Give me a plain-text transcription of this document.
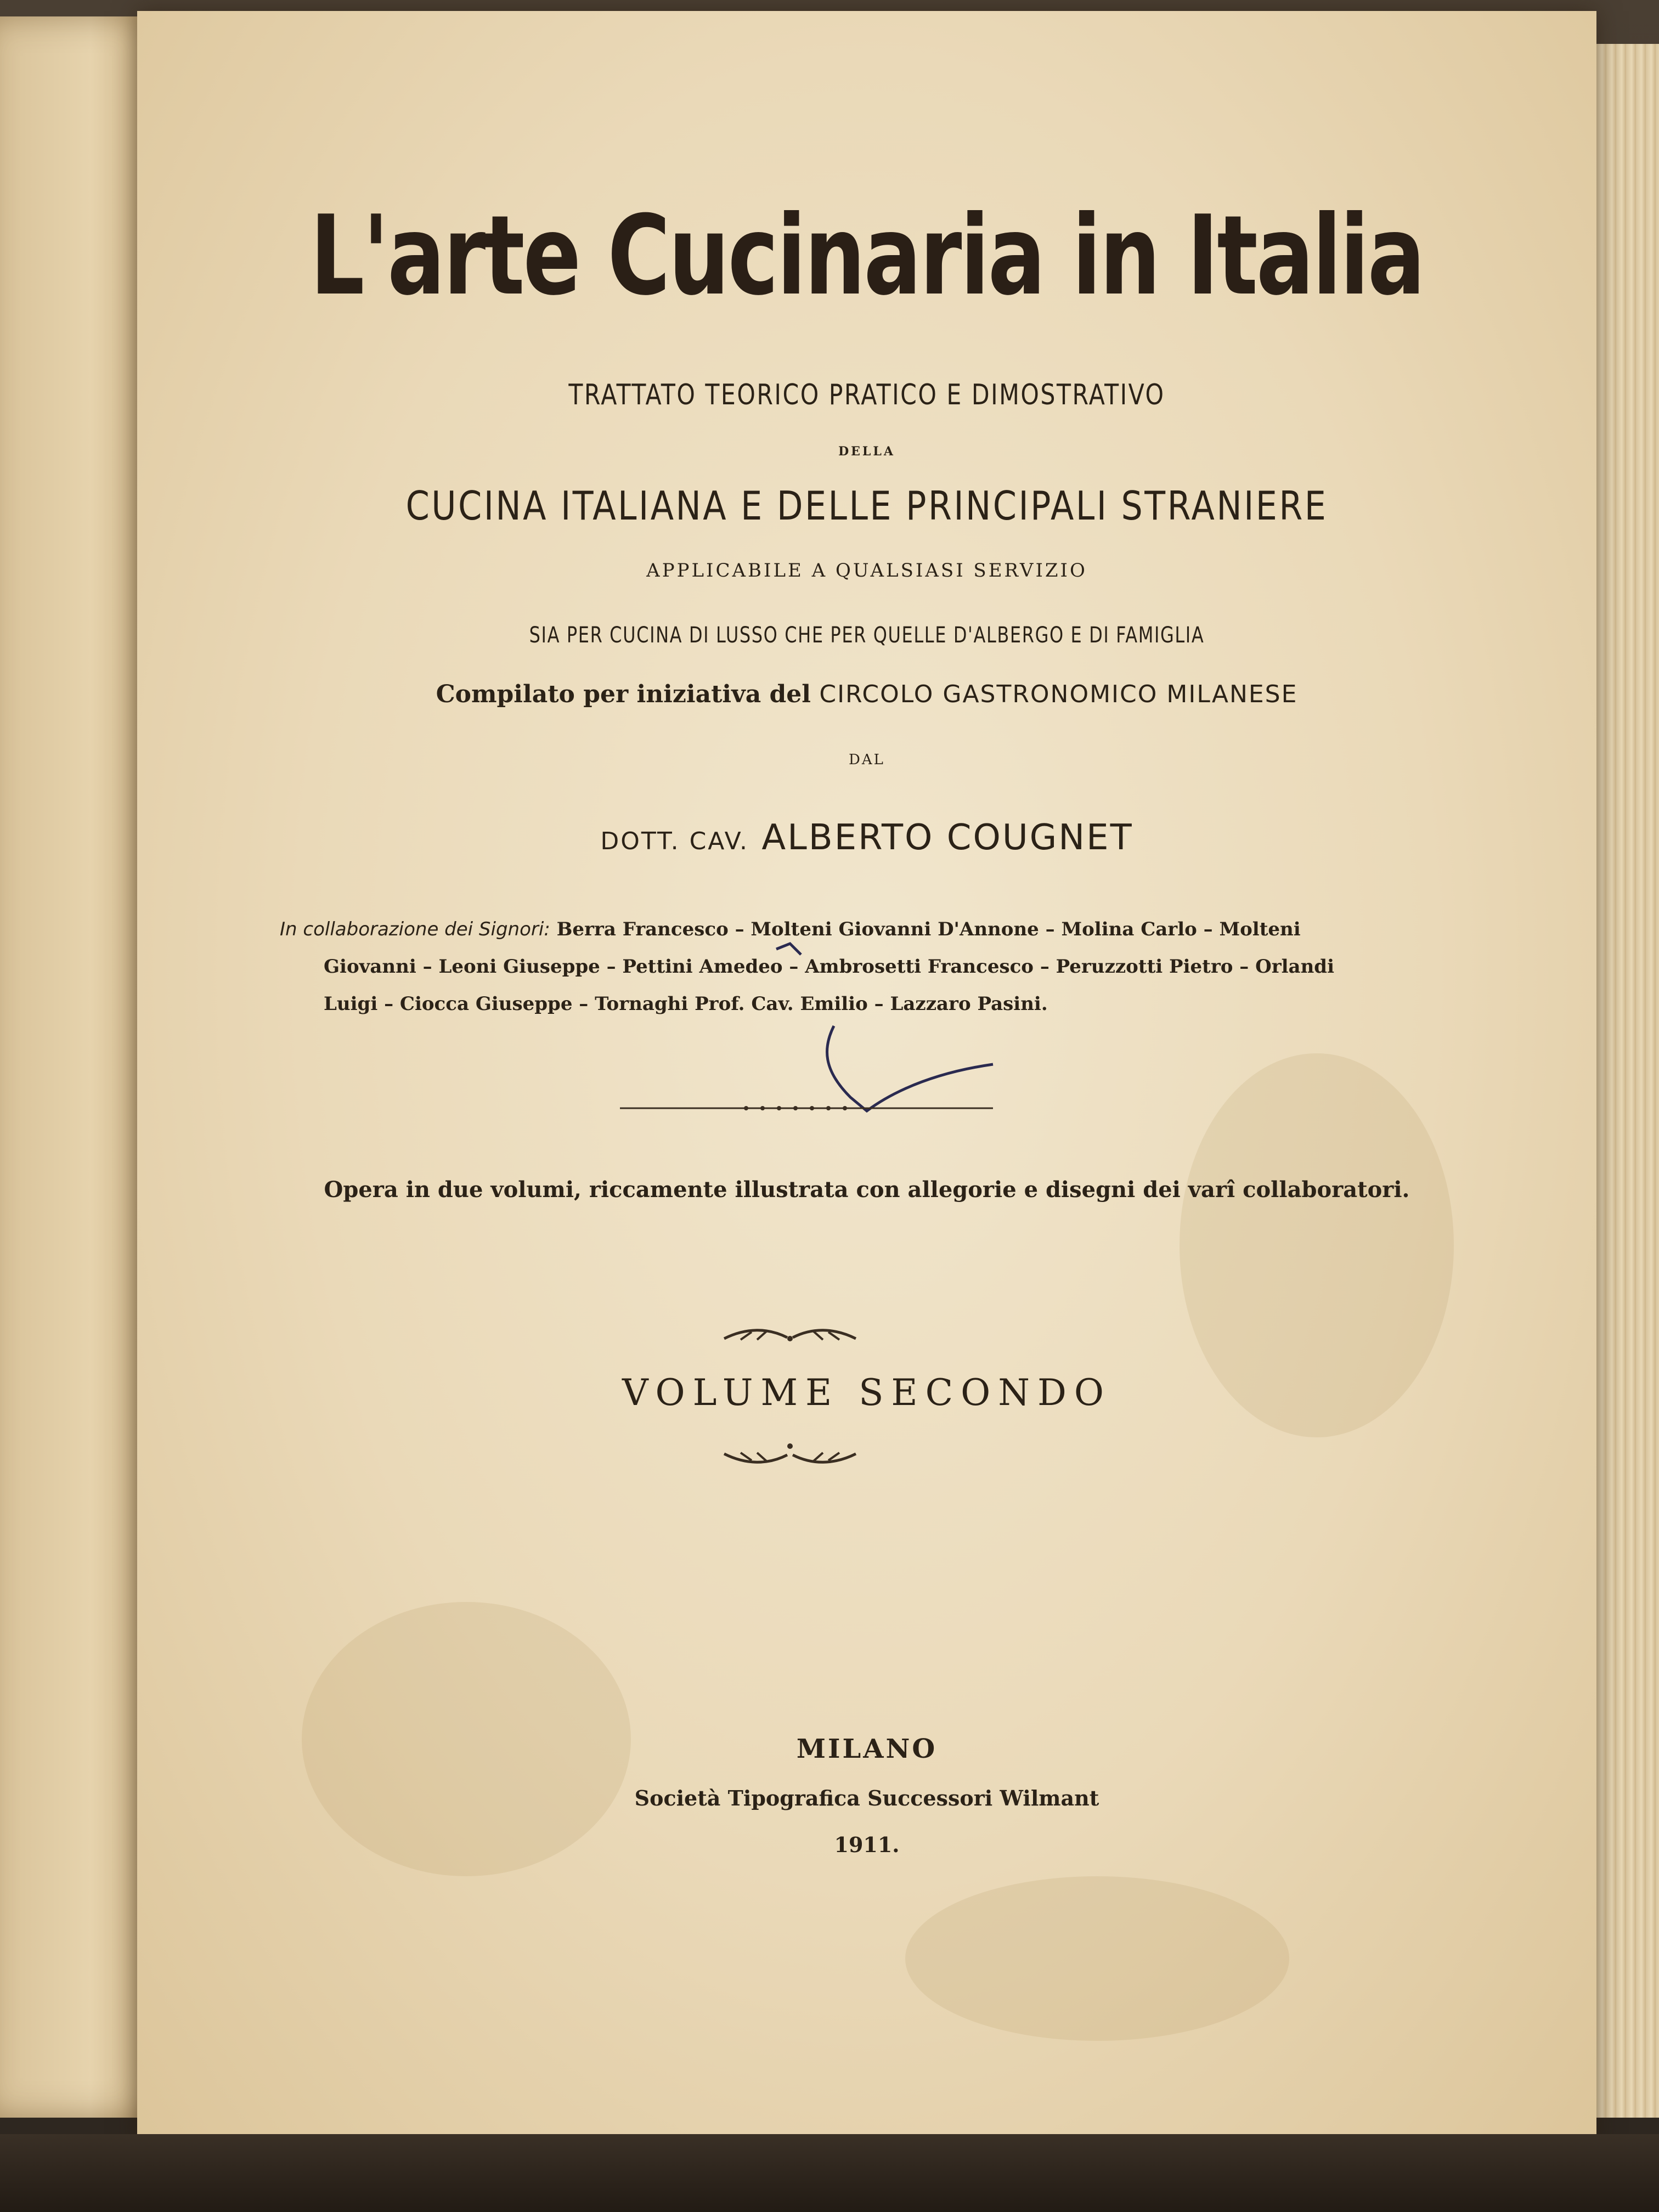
L'arte Cucinaria in Italia
TRATTATO TEORICO PRATICO E DIMOSTRATIVO
DELLA
CUCINA ITALIANA E DELLE PRINCIPALI STRANIERE
APPLICABILE A QUALSIASI SERVIZIO
SIA PER CUCINA DI LUSSO CHE PER QUELLE D'ALBERGO E DI FAMIGLIA
Compilato per iniziativa del CIRCOLO GASTRONOMICO MILANESE
DAL
DOTT. CAV. ALBERTO COUGNET
In collaborazione dei Signori: Berra Francesco – Molteni Giovanni D'Annone – Molina Carlo – Molteni
Giovanni – Leoni Giuseppe – Pettini Amedeo – Ambrosetti Francesco – Peruzzotti Pietro – Orlandi
Luigi – Ciocca Giuseppe – Tornaghi Prof. Cav. Emilio – Lazzaro Pasini.
Opera in due volumi, riccamente illustrata con allegorie e disegni dei varî collaboratori.
VOLUME SECONDO
MILANO
Società Tipografica Successori Wilmant
1911.
